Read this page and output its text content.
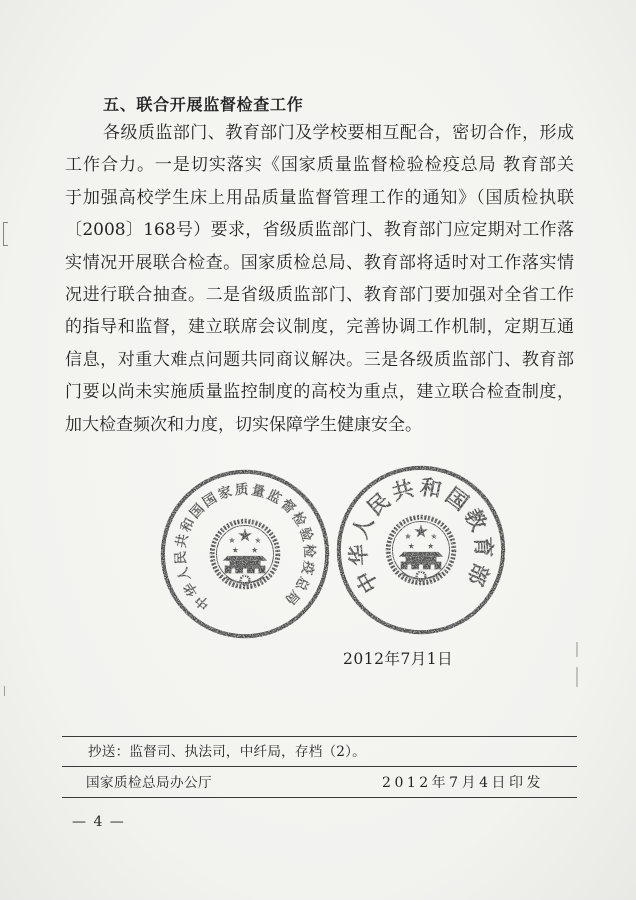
五、联合开展监督检查工作
各级质监部门、教育部门及学校要相互配合，密切合作，形成
工作合力。一是切实落实《国家质量监督检验检疫总局 教育部关
于加强高校学生床上用品质量监督管理工作的通知》（国质检执联
〔2008〕168号）要求，省级质监部门、教育部门应定期对工作落
实情况开展联合检查。国家质检总局、教育部将适时对工作落实情
况进行联合抽查。二是省级质监部门、教育部门要加强对全省工作
的指导和监督，建立联席会议制度，完善协调工作机制，定期互通
信息，对重大难点问题共同商议解决。三是各级质监部门、教育部
门要以尚未实施质量监控制度的高校为重点，建立联合检查制度，
加大检查频次和力度，切实保障学生健康安全。
中华人民共和国国家质量监督检验检疫总局
中华人民共和国教育部
2012年7月1日
抄送：监督司、执法司，中纤局，存档（2）。
国家质检总局办公厅	2012年7月4日印发
— 4 —
